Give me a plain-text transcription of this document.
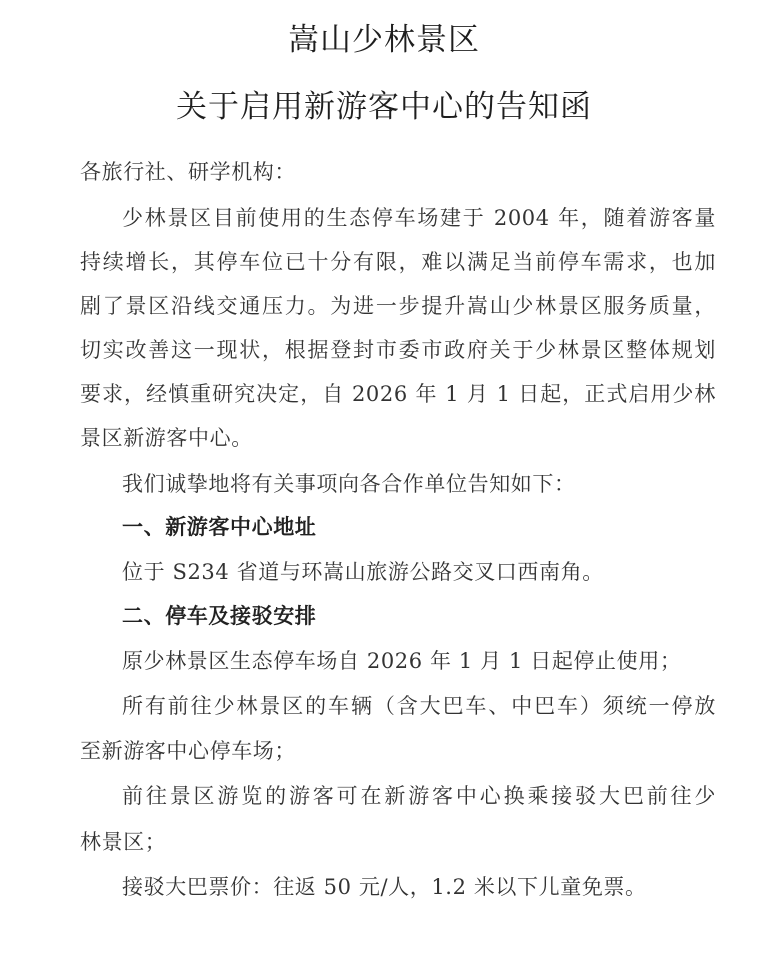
嵩山少林景区
关于启用新游客中心的告知函
各旅行社、研学机构：
少林景区目前使用的生态停车场建于 2004 年，随着游客量
持续增长，其停车位已十分有限，难以满足当前停车需求，也加
剧了景区沿线交通压力。为进一步提升嵩山少林景区服务质量，
切实改善这一现状，根据登封市委市政府关于少林景区整体规划
要求，经慎重研究决定，自 2026 年 1 月 1 日起，正式启用少林
景区新游客中心。
我们诚挚地将有关事项向各合作单位告知如下：
一、新游客中心地址
位于 S234 省道与环嵩山旅游公路交叉口西南角。
二、停车及接驳安排
原少林景区生态停车场自 2026 年 1 月 1 日起停止使用；
所有前往少林景区的车辆（含大巴车、中巴车）须统一停放
至新游客中心停车场；
前往景区游览的游客可在新游客中心换乘接驳大巴前往少
林景区；
接驳大巴票价：往返 50 元/人，1.2 米以下儿童免票。
